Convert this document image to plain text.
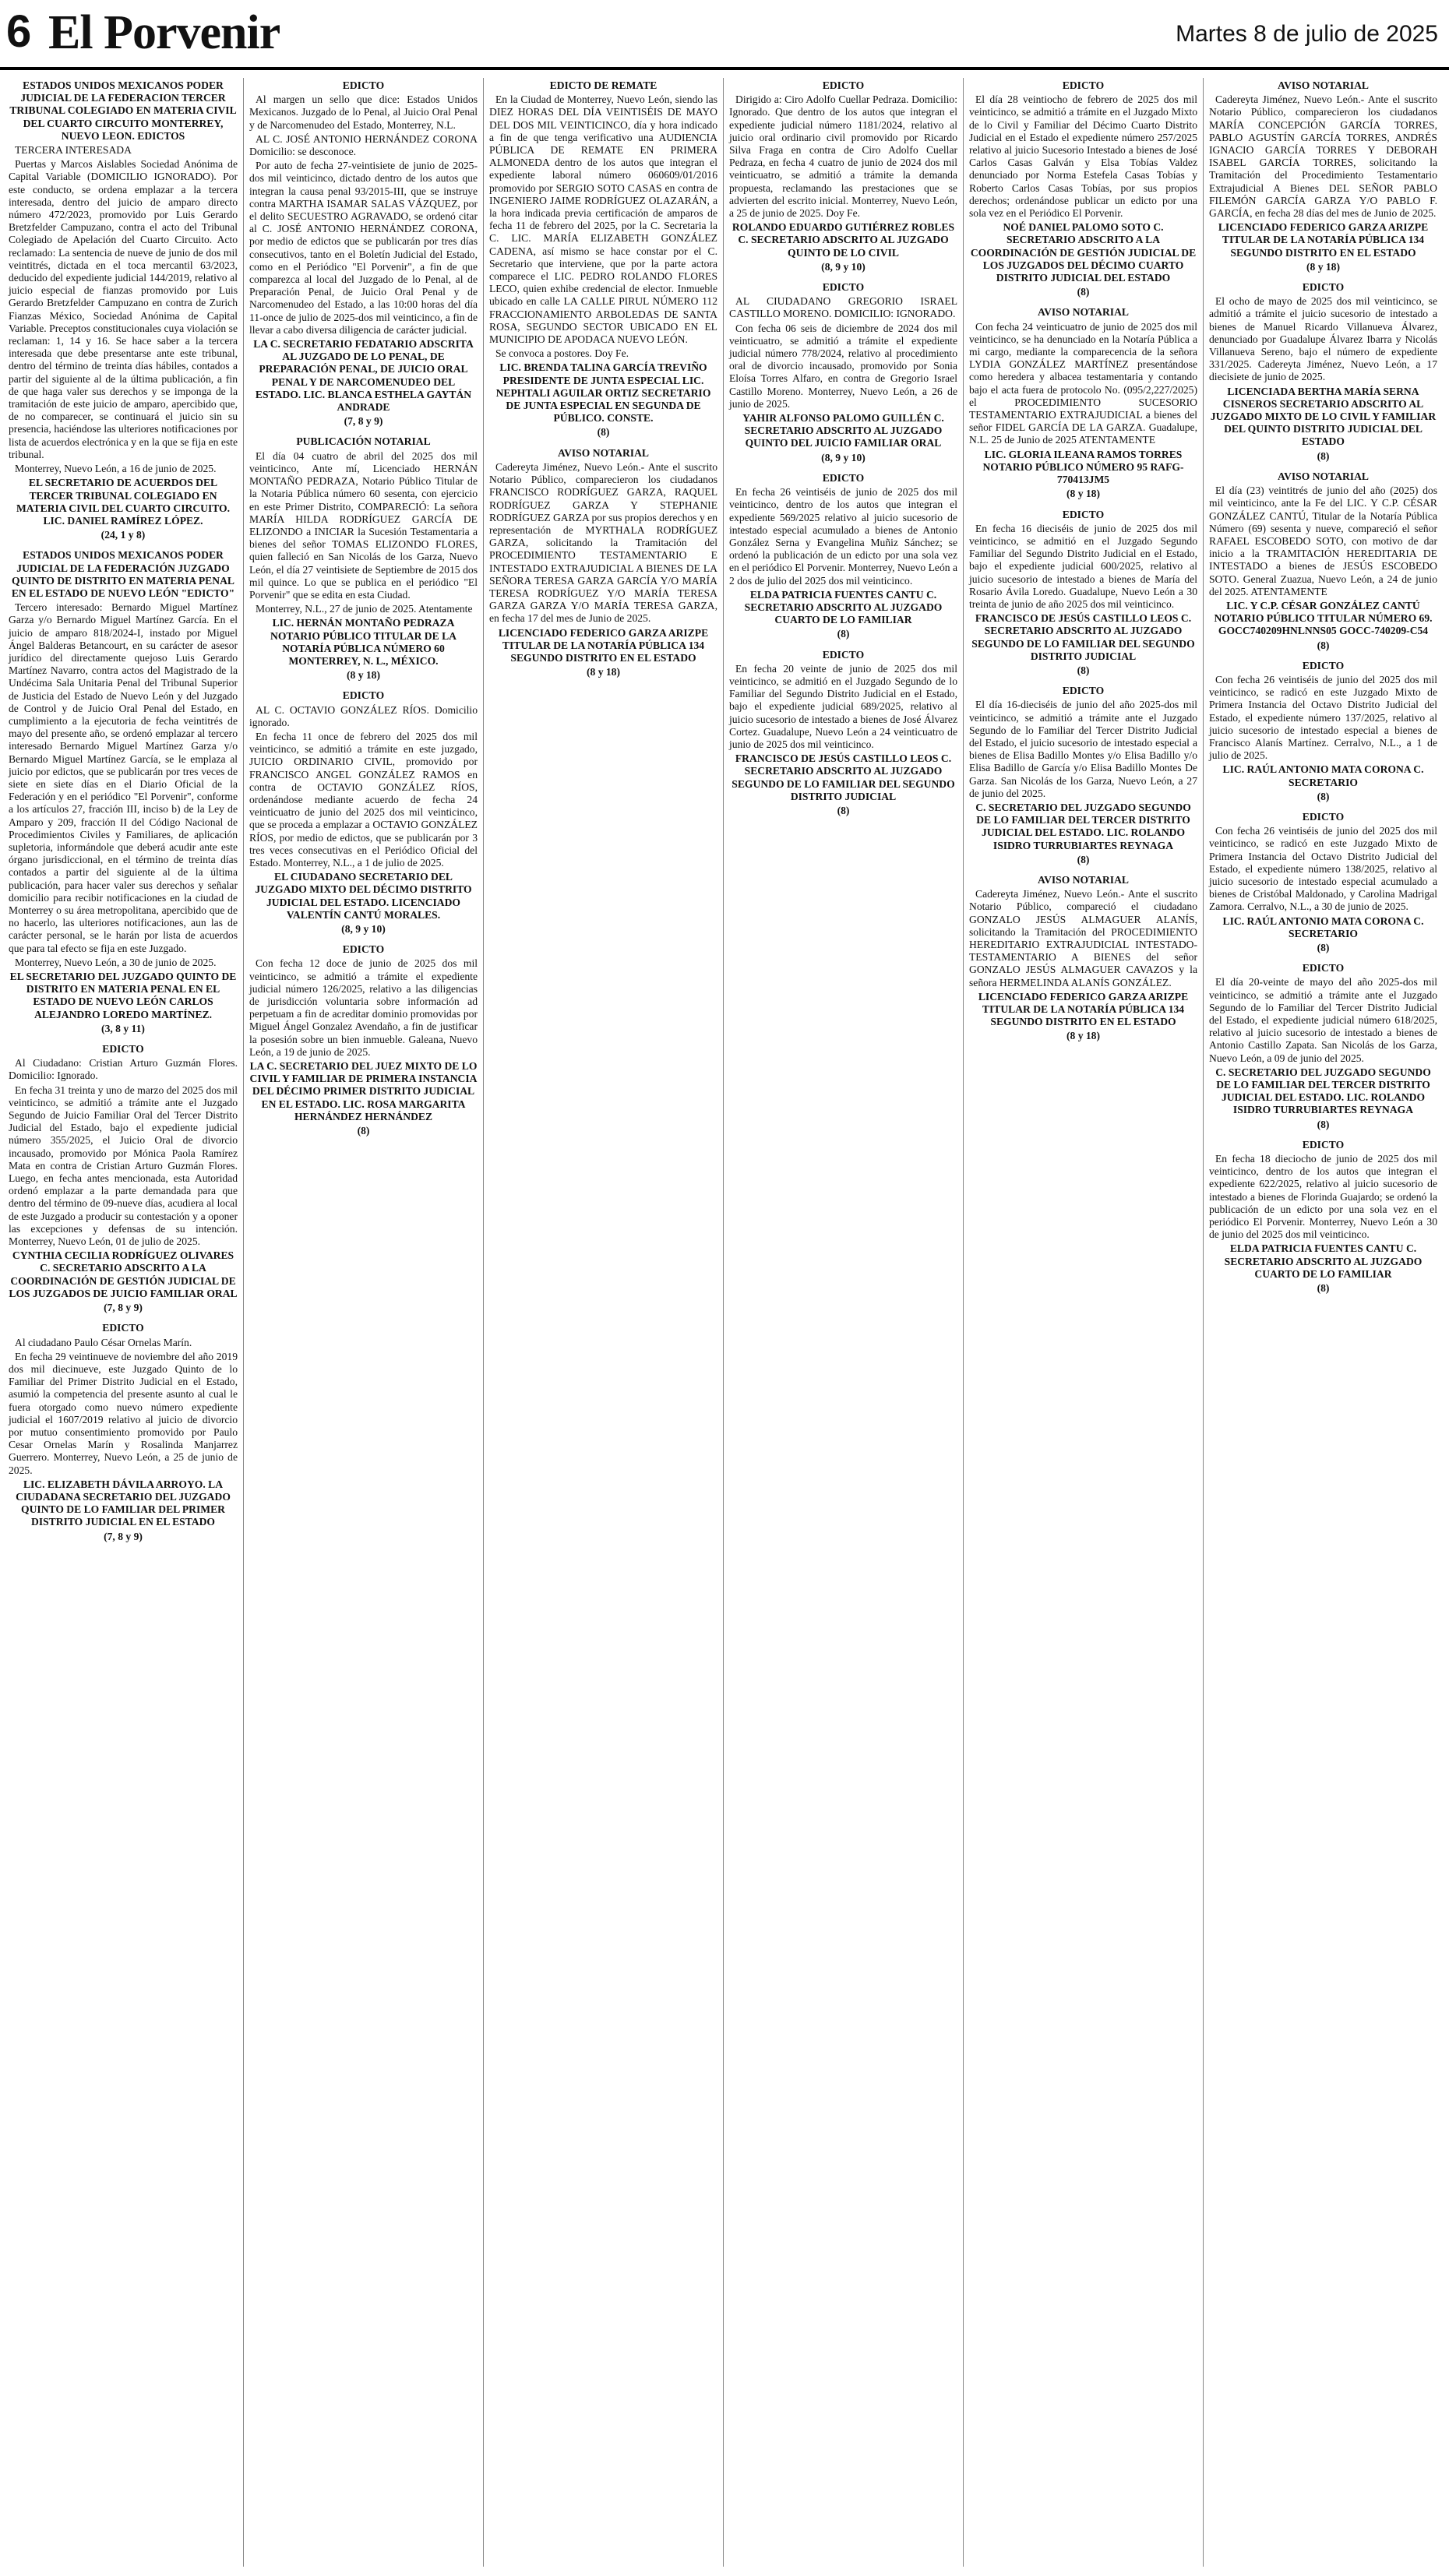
6 El Porvenir	Martes 8 de julio de 2025
ESTADOS UNIDOS MEXICANOS PODER JUDICIAL DE LA FEDERACION TERCER TRIBUNAL COLEGIADO EN MATERIA CIVIL DEL CUARTO CIRCUITO MONTERREY, NUEVO LEON. EDICTOS
TERCERA INTERESADA
Puertas y Marcos Aislables Sociedad Anónima de Capital Variable (DOMICILIO IGNORADO). Por este conducto, se ordena emplazar a la tercera interesada, dentro del juicio de amparo directo número 472/2023, promovido por Luis Gerardo Bretzfelder Campuzano, contra el acto del Tribunal Colegiado de Apelación del Cuarto Circuito. Acto reclamado: La sentencia de nueve de junio de dos mil veintitrés, dictada en el toca mercantil 63/2023, deducido del expediente judicial 144/2019, relativo al juicio especial de fianzas promovido por Luis Gerardo Bretzfelder Campuzano en contra de Zurich Fianzas México, Sociedad Anónima de Capital Variable. Preceptos constitucionales cuya violación se reclaman: 1, 14 y 16. Se hace saber a la tercera interesada que debe presentarse ante este tribunal, dentro del término de treinta días hábiles, contados a partir del siguiente al de la última publicación, a fin de que haga valer sus derechos y se imponga de la tramitación de este juicio de amparo, apercibido que, de no comparecer, se continuará el juicio sin su presencia, haciéndose las ulteriores notificaciones por lista de acuerdos electrónica y en la que se fija en este tribunal.
Monterrey, Nuevo León, a 16 de junio de 2025.
EL SECRETARIO DE ACUERDOS DEL TERCER TRIBUNAL COLEGIADO EN MATERIA CIVIL DEL CUARTO CIRCUITO. LIC. DANIEL RAMÍREZ LÓPEZ.
(24, 1 y 8)
ESTADOS UNIDOS MEXICANOS PODER JUDICIAL DE LA FEDERACIÓN JUZGADO QUINTO DE DISTRITO EN MATERIA PENAL EN EL ESTADO DE NUEVO LEÓN "EDICTO"
Tercero interesado: Bernardo Miguel Martínez Garza y/o Bernardo Miguel Martínez García. En el juicio de amparo 818/2024-I, instado por Miguel Ángel Balderas Betancourt, en su carácter de asesor jurídico del directamente quejoso Luis Gerardo Martínez Navarro, contra actos del Magistrado de la Undécima Sala Unitaria Penal del Tribunal Superior de Justicia del Estado de Nuevo León y del Juzgado de Control y de Juicio Oral Penal del Estado, en cumplimiento a la ejecutoria de fecha veintitrés de mayo del presente año, se ordenó emplazar al tercero interesado Bernardo Miguel Martínez Garza y/o Bernardo Miguel Martínez García, se le emplaza al juicio por edictos, que se publicarán por tres veces de siete en siete días en el Diario Oficial de la Federación y en el periódico "El Porvenir", conforme a los artículos 27, fracción III, inciso b) de la Ley de Amparo y 209, fracción II del Código Nacional de Procedimientos Civiles y Familiares, de aplicación supletoria, informándole que deberá acudir ante este órgano jurisdiccional, en el término de treinta días contados a partir del siguiente al de la última publicación, para hacer valer sus derechos y señalar domicilio para recibir notificaciones en la ciudad de Monterrey o su área metropolitana, apercibido que de no hacerlo, las ulteriores notificaciones, aun las de carácter personal, se le harán por lista de acuerdos que para tal efecto se fija en este Juzgado.
Monterrey, Nuevo León, a 30 de junio de 2025.
EL SECRETARIO DEL JUZGADO QUINTO DE DISTRITO EN MATERIA PENAL EN EL ESTADO DE NUEVO LEÓN CARLOS ALEJANDRO LOREDO MARTÍNEZ.
(3, 8 y 11)
EDICTO
Al Ciudadano: Cristian Arturo Guzmán Flores. Domicilio: Ignorado.
En fecha 31 treinta y uno de marzo del 2025 dos mil veinticinco, se admitió a trámite ante el Juzgado Segundo de Juicio Familiar Oral del Tercer Distrito Judicial del Estado, bajo el expediente judicial número 355/2025, el Juicio Oral de divorcio incausado, promovido por Mónica Paola Ramírez Mata en contra de Cristian Arturo Guzmán Flores. Luego, en fecha antes mencionada, esta Autoridad ordenó emplazar a la parte demandada para que dentro del término de 09-nueve días, acudiera al local de este Juzgado a producir su contestación y a oponer las excepciones y defensas de su intención. Monterrey, Nuevo León, 01 de julio de 2025.
CYNTHIA CECILIA RODRÍGUEZ OLIVARES C. SECRETARIO ADSCRITO A LA COORDINACIÓN DE GESTIÓN JUDICIAL DE LOS JUZGADOS DE JUICIO FAMILIAR ORAL
(7, 8 y 9)
EDICTO
Al ciudadano Paulo César Ornelas Marín.
En fecha 29 veintinueve de noviembre del año 2019 dos mil diecinueve, este Juzgado Quinto de lo Familiar del Primer Distrito Judicial en el Estado, asumió la competencia del presente asunto al cual le fuera otorgado como nuevo número expediente judicial el 1607/2019 relativo al juicio de divorcio por mutuo consentimiento promovido por Paulo Cesar Ornelas Marín y Rosalinda Manjarrez Guerrero. Monterrey, Nuevo León, a 25 de junio de 2025.
LIC. ELIZABETH DÁVILA ARROYO. LA CIUDADANA SECRETARIO DEL JUZGADO QUINTO DE LO FAMILIAR DEL PRIMER DISTRITO JUDICIAL EN EL ESTADO
(7, 8 y 9)
EDICTO
Al margen un sello que dice: Estados Unidos Mexicanos. Juzgado de lo Penal, al Juicio Oral Penal y de Narcomenudeo del Estado, Monterrey, N.L.
AL C. JOSÉ ANTONIO HERNÁNDEZ CORONA Domicilio: se desconoce.
Por auto de fecha 27-veintisiete de junio de 2025-dos mil veinticinco, dictado dentro de los autos que integran la causa penal 93/2015-III, que se instruye contra MARTHA ISAMAR SALAS VÁZQUEZ, por el delito SECUESTRO AGRAVADO, se ordenó citar al C. JOSÉ ANTONIO HERNÁNDEZ CORONA, por medio de edictos que se publicarán por tres días consecutivos, tanto en el Boletín Judicial del Estado, como en el Periódico "El Porvenir", a fin de que comparezca al local del Juzgado de lo Penal, al de Preparación Penal, de Juicio Oral Penal y de Narcomenudeo del Estado, a las 10:00 horas del día 11-once de julio de 2025-dos mil veinticinco, a fin de llevar a cabo diversa diligencia de carácter judicial.
LA C. SECRETARIO FEDATARIO ADSCRITA AL JUZGADO DE LO PENAL, DE PREPARACIÓN PENAL, DE JUICIO ORAL PENAL Y DE NARCOMENUDEO DEL ESTADO. LIC. BLANCA ESTHELA GAYTÁN ANDRADE
(7, 8 y 9)
PUBLICACIÓN NOTARIAL
El día 04 cuatro de abril del 2025 dos mil veinticinco, Ante mí, Licenciado HERNÁN MONTAÑO PEDRAZA, Notario Público Titular de la Notaria Pública número 60 sesenta, con ejercicio en este Primer Distrito, COMPARECIÓ: La señora MARÍA HILDA RODRÍGUEZ GARCÍA DE ELIZONDO a INICIAR la Sucesión Testamentaria a bienes del señor TOMAS ELIZONDO FLORES, quien falleció en San Nicolás de los Garza, Nuevo León, el día 27 veintisiete de Septiembre de 2015 dos mil quince. Lo que se publica en el periódico "El Porvenir" que se edita en esta Ciudad.
Monterrey, N.L., 27 de junio de 2025. Atentamente
LIC. HERNÁN MONTAÑO PEDRAZA NOTARIO PÚBLICO TITULAR DE LA NOTARÍA PÚBLICA NÚMERO 60 MONTERREY, N. L., MÉXICO.
(8 y 18)
EDICTO
AL C. OCTAVIO GONZÁLEZ RÍOS. Domicilio ignorado.
En fecha 11 once de febrero del 2025 dos mil veinticinco, se admitió a trámite en este juzgado, JUICIO ORDINARIO CIVIL, promovido por FRANCISCO ANGEL GONZÁLEZ RAMOS en contra de OCTAVIO GONZÁLEZ RÍOS, ordenándose mediante acuerdo de fecha 24 veinticuatro de junio del 2025 dos mil veinticinco, que se proceda a emplazar a OCTAVIO GONZÁLEZ RÍOS, por medio de edictos, que se publicarán por 3 tres veces consecutivas en el Periódico Oficial del Estado. Monterrey, N.L., a 1 de julio de 2025.
EL CIUDADANO SECRETARIO DEL JUZGADO MIXTO DEL DÉCIMO DISTRITO JUDICIAL DEL ESTADO. LICENCIADO VALENTÍN CANTÚ MORALES.
(8, 9 y 10)
EDICTO
Con fecha 12 doce de junio de 2025 dos mil veinticinco, se admitió a trámite el expediente judicial número 126/2025, relativo a las diligencias de jurisdicción voluntaria sobre información ad perpetuam a fin de acreditar dominio promovidas por Miguel Ángel Gonzalez Avendaño, a fin de justificar la posesión sobre un bien inmueble. Galeana, Nuevo León, a 19 de junio de 2025.
LA C. SECRETARIO DEL JUEZ MIXTO DE LO CIVIL Y FAMILIAR DE PRIMERA INSTANCIA DEL DÉCIMO PRIMER DISTRITO JUDICIAL EN EL ESTADO. LIC. ROSA MARGARITA HERNÁNDEZ HERNÁNDEZ
(8)
EDICTO DE REMATE
En la Ciudad de Monterrey, Nuevo León, siendo las DIEZ HORAS DEL DÍA VEINTISÉIS DE MAYO DEL DOS MIL VEINTICINCO, día y hora indicado a fin de que tenga verificativo una AUDIENCIA PÚBLICA DE REMATE EN PRIMERA ALMONEDA dentro de los autos que integran el expediente laboral número 060609/01/2016 promovido por SERGIO SOTO CASAS en contra de INGENIERO JAIME RODRÍGUEZ OLAZARÁN, a la hora indicada previa certificación de amparos de fecha 11 de febrero del 2025, por la C. Secretaria la C. LIC. MARÍA ELIZABETH GONZÁLEZ CADENA, así mismo se hace constar por el C. Secretario que interviene, que por la parte actora comparece el LIC. PEDRO ROLANDO FLORES LECO, quien exhibe credencial de elector. Inmueble ubicado en calle LA CALLE PIRUL NÚMERO 112 FRACCIONAMIENTO ARBOLEDAS DE SANTA ROSA, SEGUNDO SECTOR UBICADO EN EL MUNICIPIO DE APODACA NUEVO LEÓN.
Se convoca a postores. Doy Fe.
LIC. BRENDA TALINA GARCÍA TREVIÑO PRESIDENTE DE JUNTA ESPECIAL LIC. NEPHTALI AGUILAR ORTIZ SECRETARIO DE JUNTA ESPECIAL EN SEGUNDA DE PÚBLICO. CONSTE.
(8)
AVISO NOTARIAL
Cadereyta Jiménez, Nuevo León.- Ante el suscrito Notario Público, comparecieron los ciudadanos FRANCISCO RODRÍGUEZ GARZA, RAQUEL RODRÍGUEZ GARZA Y STEPHANIE RODRÍGUEZ GARZA por sus propios derechos y en representación de MYRTHALA RODRÍGUEZ GARZA, solicitando la Tramitación del PROCEDIMIENTO TESTAMENTARIO E INTESTADO EXTRAJUDICIAL A BIENES DE LA SEÑORA TERESA GARZA GARCÍA Y/O MARÍA TERESA RODRÍGUEZ Y/O MARÍA TERESA GARZA GARZA Y/O MARÍA TERESA GARZA, en fecha 17 del mes de Junio de 2025.
LICENCIADO FEDERICO GARZA ARIZPE TITULAR DE LA NOTARÍA PÚBLICA 134 SEGUNDO DISTRITO EN EL ESTADO
(8 y 18)
EDICTO
Dirigido a: Ciro Adolfo Cuellar Pedraza. Domicilio: Ignorado. Que dentro de los autos que integran el expediente judicial número 1181/2024, relativo al juicio oral ordinario civil promovido por Ricardo Silva Fraga en contra de Ciro Adolfo Cuellar Pedraza, en fecha 4 cuatro de junio de 2024 dos mil veinticuatro, se admitió a trámite la demanda propuesta, reclamando las prestaciones que se advierten del escrito inicial. Monterrey, Nuevo León, a 25 de junio de 2025. Doy Fe.
ROLANDO EDUARDO GUTIÉRREZ ROBLES C. SECRETARIO ADSCRITO AL JUZGADO QUINTO DE LO CIVIL
(8, 9 y 10)
EDICTO
AL CIUDADANO GREGORIO ISRAEL CASTILLO MORENO. DOMICILIO: IGNORADO.
Con fecha 06 seis de diciembre de 2024 dos mil veinticuatro, se admitió a trámite el expediente judicial número 778/2024, relativo al procedimiento oral de divorcio incausado, promovido por Sonia Eloísa Torres Alfaro, en contra de Gregorio Israel Castillo Moreno. Monterrey, Nuevo León, a 26 de junio de 2025.
YAHIR ALFONSO PALOMO GUILLÉN C. SECRETARIO ADSCRITO AL JUZGADO QUINTO DEL JUICIO FAMILIAR ORAL
(8, 9 y 10)
EDICTO
En fecha 26 veintiséis de junio de 2025 dos mil veinticinco, dentro de los autos que integran el expediente 569/2025 relativo al juicio sucesorio de intestado especial acumulado a bienes de Antonio González Serna y Evangelina Muñiz Sánchez; se ordenó la publicación de un edicto por una sola vez en el periódico El Porvenir. Monterrey, Nuevo León a 2 dos de julio del 2025 dos mil veinticinco.
ELDA PATRICIA FUENTES CANTU C. SECRETARIO ADSCRITO AL JUZGADO CUARTO DE LO FAMILIAR
(8)
EDICTO
En fecha 20 veinte de junio de 2025 dos mil veinticinco, se admitió en el Juzgado Segundo de lo Familiar del Segundo Distrito Judicial en el Estado, bajo el expediente judicial 689/2025, relativo al juicio sucesorio de intestado a bienes de José Álvarez Cortez. Guadalupe, Nuevo León a 24 veinticuatro de junio de 2025 dos mil veinticinco.
FRANCISCO DE JESÚS CASTILLO LEOS C. SECRETARIO ADSCRITO AL JUZGADO SEGUNDO DE LO FAMILIAR DEL SEGUNDO DISTRITO JUDICIAL
(8)
EDICTO
El día 28 veintiocho de febrero de 2025 dos mil veinticinco, se admitió a trámite en el Juzgado Mixto de lo Civil y Familiar del Décimo Cuarto Distrito Judicial en el Estado el expediente número 257/2025 relativo al juicio Sucesorio Intestado a bienes de José Carlos Casas Galván y Elsa Tobías Valdez denunciado por Norma Estefela Casas Tobías y Roberto Carlos Casas Tobías, por sus propios derechos; ordenándose publicar un edicto por una sola vez en el Periódico El Porvenir.
NOÉ DANIEL PALOMO SOTO C. SECRETARIO ADSCRITO A LA COORDINACIÓN DE GESTIÓN JUDICIAL DE LOS JUZGADOS DEL DÉCIMO CUARTO DISTRITO JUDICIAL DEL ESTADO
(8)
AVISO NOTARIAL
Con fecha 24 veinticuatro de junio de 2025 dos mil veinticinco, se ha denunciado en la Notaría Pública a mi cargo, mediante la comparecencia de la señora LYDIA GONZÁLEZ MARTÍNEZ presentándose como heredera y albacea testamentaria y contando bajo el acta fuera de protocolo No. (095/2,227/2025) el PROCEDIMIENTO SUCESORIO TESTAMENTARIO EXTRAJUDICIAL a bienes del señor FIDEL GARCÍA DE LA GARZA. Guadalupe, N.L. 25 de Junio de 2025 ATENTAMENTE
LIC. GLORIA ILEANA RAMOS TORRES NOTARIO PÚBLICO NÚMERO 95 RAFG-770413JM5
(8 y 18)
EDICTO
En fecha 16 dieciséis de junio de 2025 dos mil veinticinco, se admitió en el Juzgado Segundo Familiar del Segundo Distrito Judicial en el Estado, bajo el expediente judicial 600/2025, relativo al juicio sucesorio de intestado a bienes de María del Rosario Ávila Loredo. Guadalupe, Nuevo León a 30 treinta de junio de año 2025 dos mil veinticinco.
FRANCISCO DE JESÚS CASTILLO LEOS C. SECRETARIO ADSCRITO AL JUZGADO SEGUNDO DE LO FAMILIAR DEL SEGUNDO DISTRITO JUDICIAL
(8)
EDICTO
El día 16-dieciséis de junio del año 2025-dos mil veinticinco, se admitió a trámite ante el Juzgado Segundo de lo Familiar del Tercer Distrito Judicial del Estado, el juicio sucesorio de intestado especial a bienes de Elisa Badillo Montes y/o Elisa Badillo y/o Elisa Badillo de García y/o Elisa Badillo Montes De Garza. San Nicolás de los Garza, Nuevo León, a 27 de junio del 2025.
C. SECRETARIO DEL JUZGADO SEGUNDO DE LO FAMILIAR DEL TERCER DISTRITO JUDICIAL DEL ESTADO. LIC. ROLANDO ISIDRO TURRUBIARTES REYNAGA
(8)
AVISO NOTARIAL
Cadereyta Jiménez, Nuevo León.- Ante el suscrito Notario Público, compareció el ciudadano GONZALO JESÚS ALMAGUER ALANÍS, solicitando la Tramitación del PROCEDIMIENTO HEREDITARIO EXTRAJUDICIAL INTESTADO-TESTAMENTARIO A BIENES del señor GONZALO JESÚS ALMAGUER CAVAZOS y la señora HERMELINDA ALANÍS GONZÁLEZ.
LICENCIADO FEDERICO GARZA ARIZPE TITULAR DE LA NOTARÍA PÚBLICA 134 SEGUNDO DISTRITO EN EL ESTADO
(8 y 18)
AVISO NOTARIAL
Cadereyta Jiménez, Nuevo León.- Ante el suscrito Notario Público, comparecieron los ciudadanos MARÍA CONCEPCIÓN GARCÍA TORRES, PABLO AGUSTÍN GARCÍA TORRES, ANDRÉS IGNACIO GARCÍA TORRES Y DEBORAH ISABEL GARCÍA TORRES, solicitando la Tramitación del Procedimiento Testamentario Extrajudicial A Bienes DEL SEÑOR PABLO FILEMÓN GARCÍA GARZA Y/O PABLO F. GARCÍA, en fecha 28 días del mes de Junio de 2025.
LICENCIADO FEDERICO GARZA ARIZPE TITULAR DE LA NOTARÍA PÚBLICA 134 SEGUNDO DISTRITO EN EL ESTADO
(8 y 18)
EDICTO
El ocho de mayo de 2025 dos mil veinticinco, se admitió a trámite el juicio sucesorio de intestado a bienes de Manuel Ricardo Villanueva Álvarez, denunciado por Guadalupe Álvarez Ibarra y Nicolás Villanueva Sereno, bajo el número de expediente 331/2025. Cadereyta Jiménez, Nuevo León, a 17 diecisiete de junio de 2025.
LICENCIADA BERTHA MARÍA SERNA CISNEROS SECRETARIO ADSCRITO AL JUZGADO MIXTO DE LO CIVIL Y FAMILIAR DEL QUINTO DISTRITO JUDICIAL DEL ESTADO
(8)
AVISO NOTARIAL
El día (23) veintitrés de junio del año (2025) dos mil veinticinco, ante la Fe del LIC. Y C.P. CÉSAR GONZÁLEZ CANTÚ, Titular de la Notaría Pública Número (69) sesenta y nueve, compareció el señor RAFAEL ESCOBEDO SOTO, con motivo de dar inicio a la TRAMITACIÓN HEREDITARIA DE INTESTADO a bienes de JESÚS ESCOBEDO SOTO. General Zuazua, Nuevo León, a 24 de junio del 2025. ATENTAMENTE
LIC. Y C.P. CÉSAR GONZÁLEZ CANTÚ NOTARIO PÚBLICO TITULAR NÚMERO 69. GOCC740209HNLNNS05 GOCC-740209-C54
(8)
EDICTO
Con fecha 26 veintiséis de junio del 2025 dos mil veinticinco, se radicó en este Juzgado Mixto de Primera Instancia del Octavo Distrito Judicial del Estado, el expediente número 137/2025, relativo al juicio sucesorio de intestado especial a bienes de Francisco Alanís Martínez. Cerralvo, N.L., a 1 de julio de 2025.
LIC. RAÚL ANTONIO MATA CORONA C. SECRETARIO
(8)
EDICTO
Con fecha 26 veintiséis de junio del 2025 dos mil veinticinco, se radicó en este Juzgado Mixto de Primera Instancia del Octavo Distrito Judicial del Estado, el expediente número 138/2025, relativo al juicio sucesorio de intestado especial acumulado a bienes de Cristóbal Maldonado, y Carolina Madrigal Zamora. Cerralvo, N.L., a 30 de junio de 2025.
LIC. RAÚL ANTONIO MATA CORONA C. SECRETARIO
(8)
EDICTO
El día 20-veinte de mayo del año 2025-dos mil veinticinco, se admitió a trámite ante el Juzgado Segundo de lo Familiar del Tercer Distrito Judicial del Estado, el expediente judicial número 618/2025, relativo al juicio sucesorio de intestado a bienes de Antonio Castillo Zapata. San Nicolás de los Garza, Nuevo León, a 09 de junio del 2025.
C. SECRETARIO DEL JUZGADO SEGUNDO DE LO FAMILIAR DEL TERCER DISTRITO JUDICIAL DEL ESTADO. LIC. ROLANDO ISIDRO TURRUBIARTES REYNAGA
(8)
EDICTO
En fecha 18 dieciocho de junio de 2025 dos mil veinticinco, dentro de los autos que integran el expediente 622/2025, relativo al juicio sucesorio de intestado a bienes de Florinda Guajardo; se ordenó la publicación de un edicto por una sola vez en el periódico El Porvenir. Monterrey, Nuevo León a 30 de junio del 2025 dos mil veinticinco.
ELDA PATRICIA FUENTES CANTU C. SECRETARIO ADSCRITO AL JUZGADO CUARTO DE LO FAMILIAR
(8)
